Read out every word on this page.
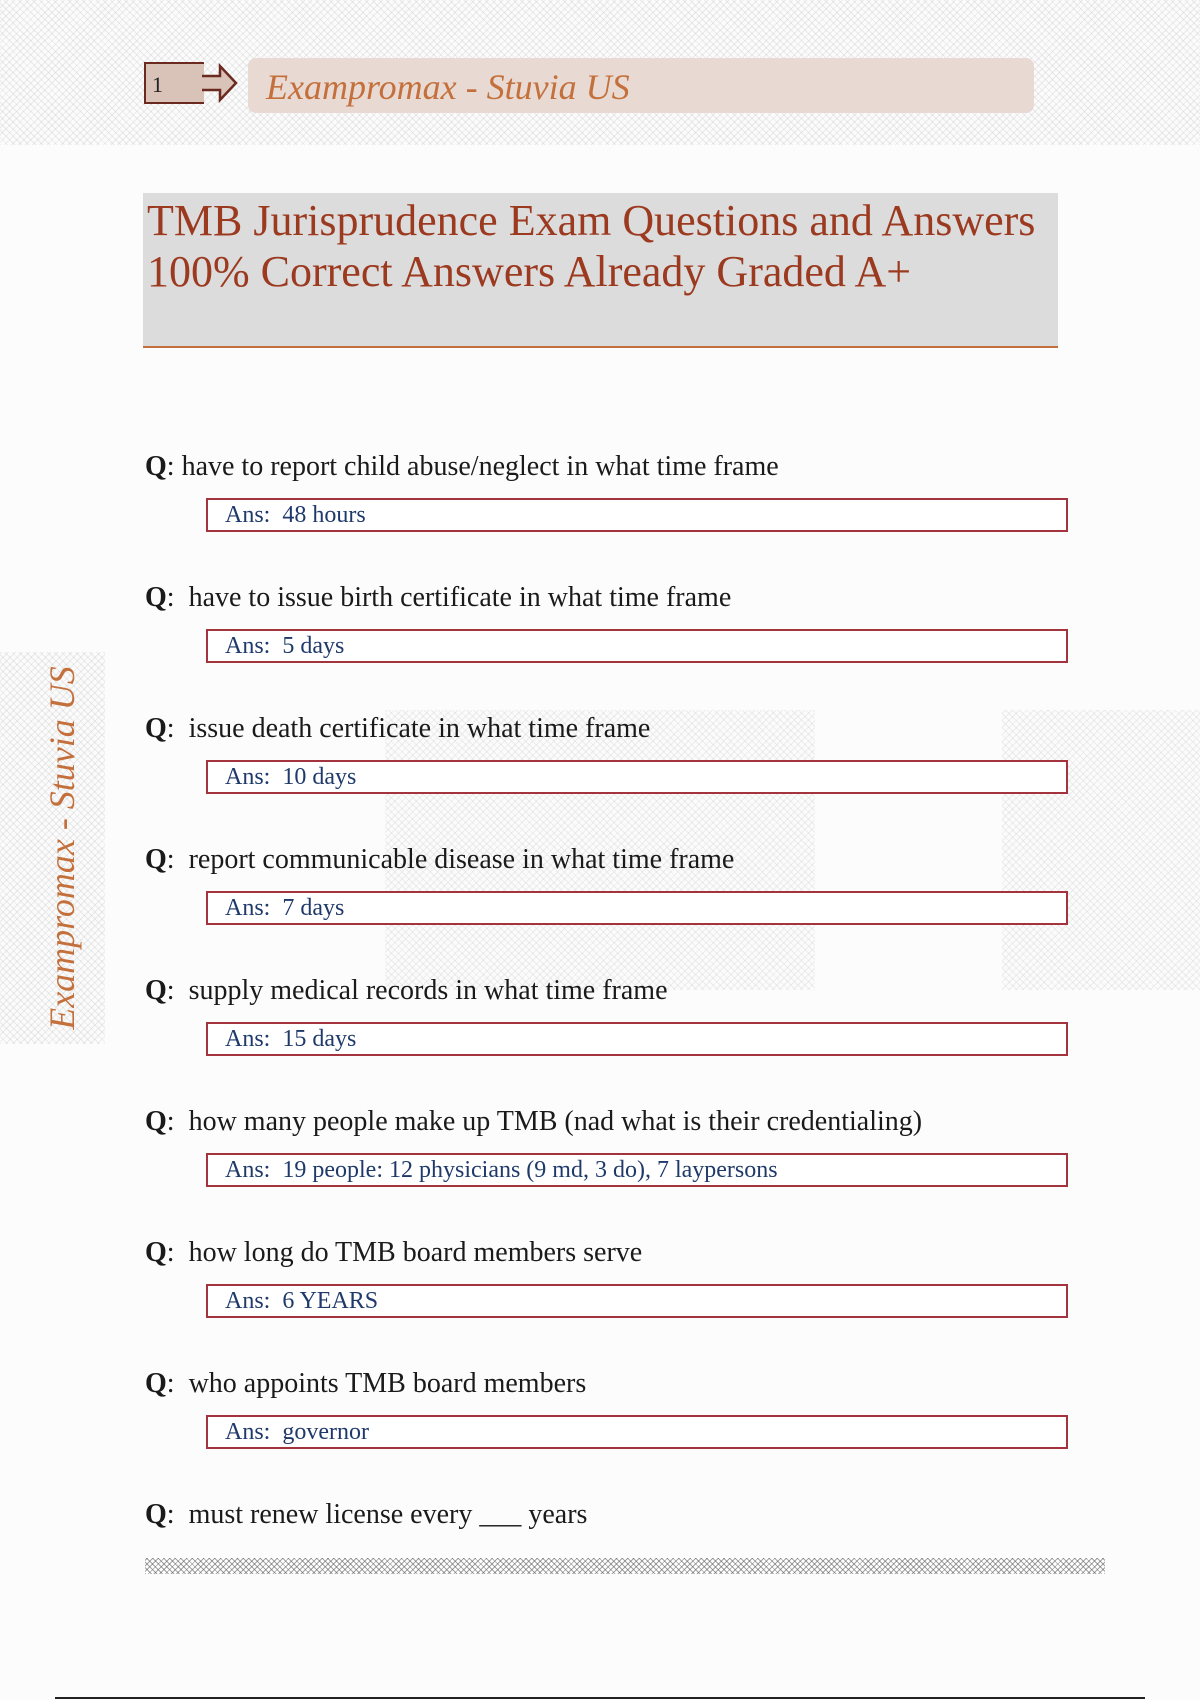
1	Exampromax - Stuvia US
TMB Jurisprudence Exam Questions and Answers 100% Correct Answers Already Graded A+
Exampromax - Stuvia US
Q: have to report child abuse/neglect in what time frame
Ans: 48 hours
Q: have to issue birth certificate in what time frame
Ans: 5 days
Q: issue death certificate in what time frame
Ans: 10 days
Q: report communicable disease in what time frame
Ans: 7 days
Q: supply medical records in what time frame
Ans: 15 days
Q: how many people make up TMB (nad what is their credentialing)
Ans: 19 people: 12 physicians (9 md, 3 do), 7 laypersons
Q: how long do TMB board members serve
Ans: 6 YEARS
Q: who appoints TMB board members
Ans: governor
Q: must renew license every ___ years
